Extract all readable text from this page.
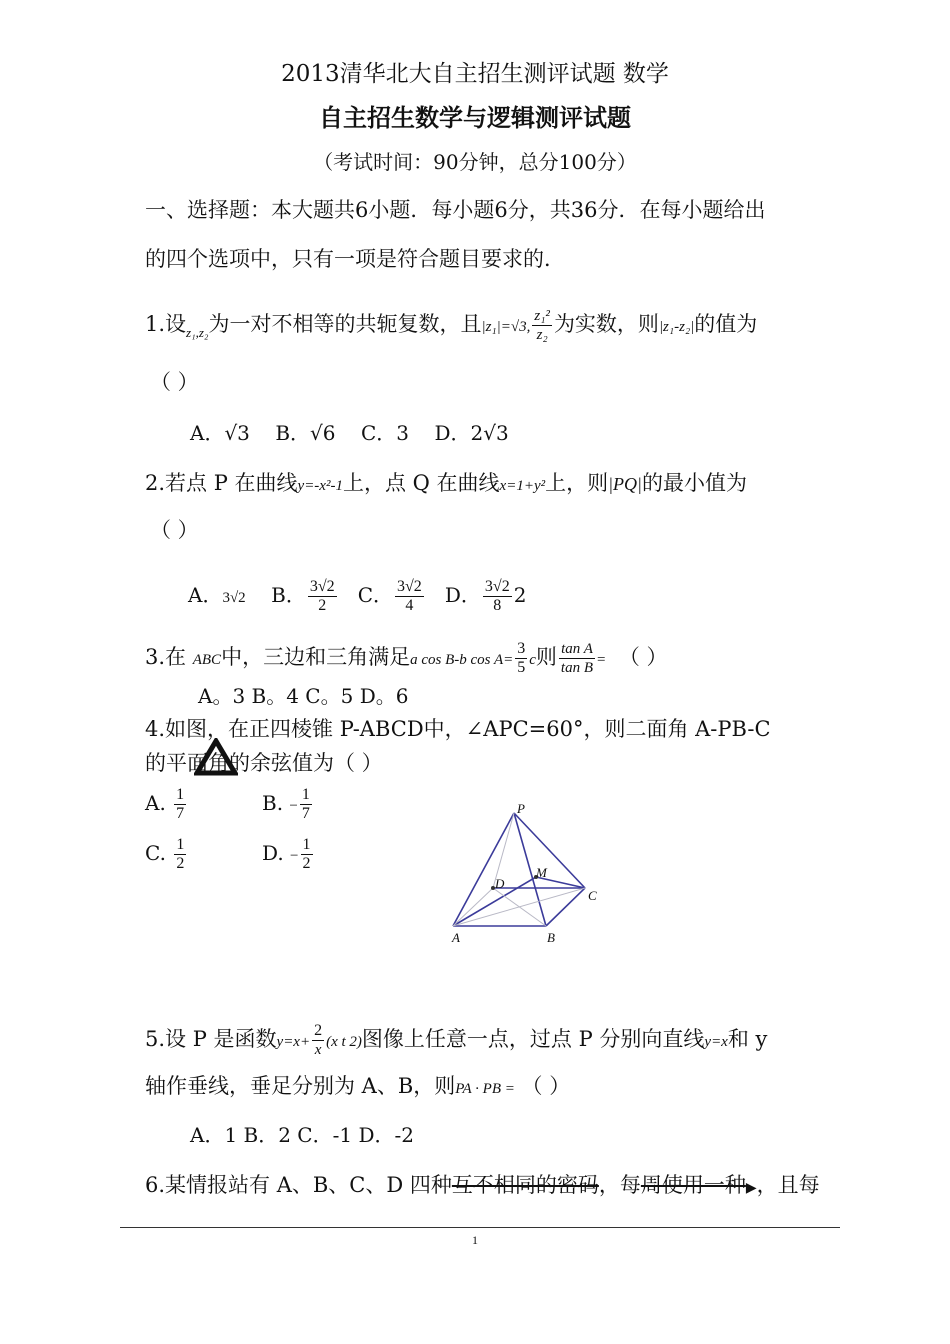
2013清华北大自主招生测评试题 数学
自主招生数学与逻辑测评试题
（考试时间：90分钟，总分100分）
一、选择题：本大题共6小题．每小题6分，共36分．在每小题给出
的四个选项中，只有一项是符合题目要求的．
1.设$_{z_1,z_2}$为一对不相等的共轭复数，且|z₁|=√3, $\frac{\text{z₁²}}{\text{z₂}}$ 为实数，则|z₁-z₂|的值为
（ ）
A．√3 B．√6 C．3 D．2√3
2.若点 P 在曲线y=-x²-1上，点 Q 在曲线x=1+y²上，则|PQ|的最小值为
（ ）
A．3√2 B． $\frac{3√2}{2}$ C． $\frac{3√2}{4}$ D． $\frac{3√2}{8} 2$
3.在 ABC中，三边和三角满足a cos B-b $\cos A= \frac{3}{5}$ c则 $\frac{\text{tan A}}{\text{tan B}}$ = （ ）
A。3 B。4 C。5 D。6
4.如图，在正四棱锥 P-ABCD中，∠APC=60°，则二面角 A-PB-C
的平面角的余弦值为（ ）
A. $\frac{1}{7}$	B. − $\frac{1}{7}$
C. $\frac{1}{2}$	D. − $\frac{1}{2}$
P
D
M
C
A	B
5.设 P 是函数$y=x+ \frac{2}{x} (x$ t 2)图像上任意一点，过点 P 分别向直线y=x和 y
轴作垂线，垂足分别为 A、B，则PA · PB = （ ）
A．1 B．2 C．-1 D．-2
6.某情报站有 A、B、C、D 四种互不相同的密码，每周使用一种▶，且每
1
